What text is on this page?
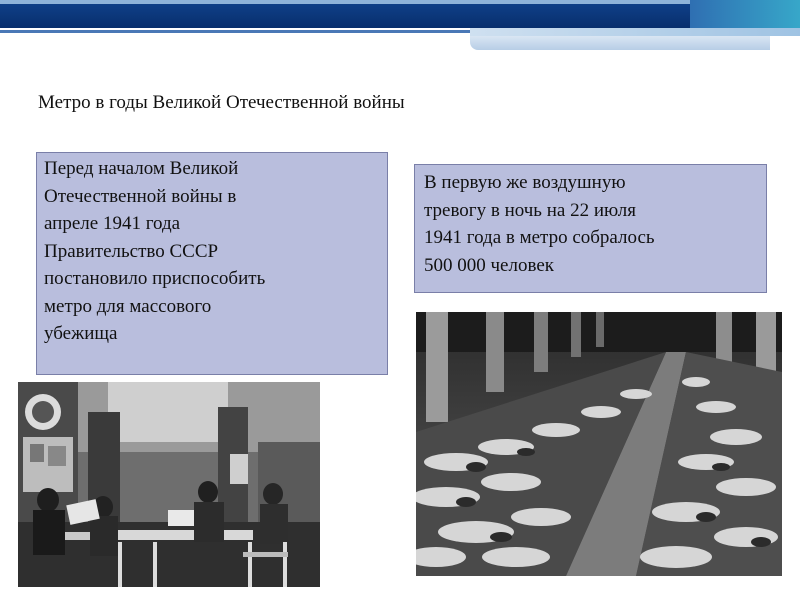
Метро в годы Великой Отечественной войны
Перед началом Великой
Отечественной войны в
апреле 1941 года
Правительство СССР
постановило приспособить
метро для массового
убежища
В первую же воздушную
тревогу в ночь на 22 июля
1941 года в метро собралось
500 000 человек
